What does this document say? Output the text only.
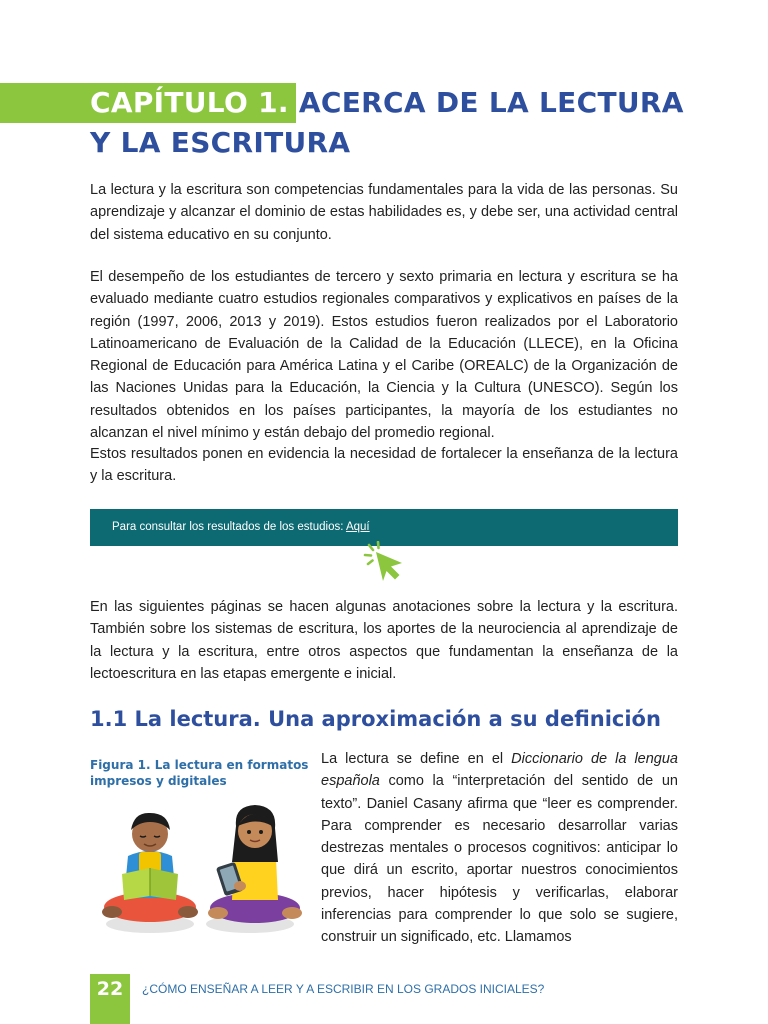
CAPÍTULO 1. ACERCA DE LA LECTURA Y LA ESCRITURA

La lectura y la escritura son competencias fundamentales para la vida de las personas. Su aprendizaje y alcanzar el dominio de estas habilidades es, y debe ser, una actividad central del sistema educativo en su conjunto.

El desempeño de los estudiantes de tercero y sexto primaria en lectura y escritura se ha evaluado mediante cuatro estudios regionales comparativos y explicativos en países de la región (1997, 2006, 2013 y 2019). Estos estudios fueron realizados por el Laboratorio Latinoamericano de Evaluación de la Calidad de la Educación (LLECE), en la Oficina Regional de Educación para América Latina y el Caribe (OREALC) de la Organización de las Naciones Unidas para la Educación, la Ciencia y la Cultura (UNESCO). Según los resultados obtenidos en los países participantes, la mayoría de los estudiantes no alcanzan el nivel mínimo y están debajo del promedio regional.

Estos resultados ponen en evidencia la necesidad de fortalecer la enseñanza de la lectura y la escritura.

Para consultar los resultados de los estudios: Aquí

En las siguientes páginas se hacen algunas anotaciones sobre la lectura y la escritura. También sobre los sistemas de escritura, los aportes de la neurociencia al aprendizaje de la lectura y la escritura, entre otros aspectos que fundamentan la enseñanza de la lectoescritura en las etapas emergente e inicial.

1.1 La lectura. Una aproximación a su definición
Figura 1. La lectura en formatos impresos y digitales

La lectura se define en el Diccionario de la lengua española como la “interpretación del sentido de un texto”. Daniel Casany afirma que “leer es comprender. Para comprender es necesario desarrollar varias destrezas mentales o procesos cognitivos: anticipar lo que dirá un escrito, aportar nuestros conocimientos previos, hacer hipótesis y verificarlas, elaborar inferencias para comprender lo que solo se sugiere, construir un significado, etc. Llamamos

22	¿CÓMO ENSEÑAR A LEER Y A ESCRIBIR EN LOS GRADOS INICIALES?
